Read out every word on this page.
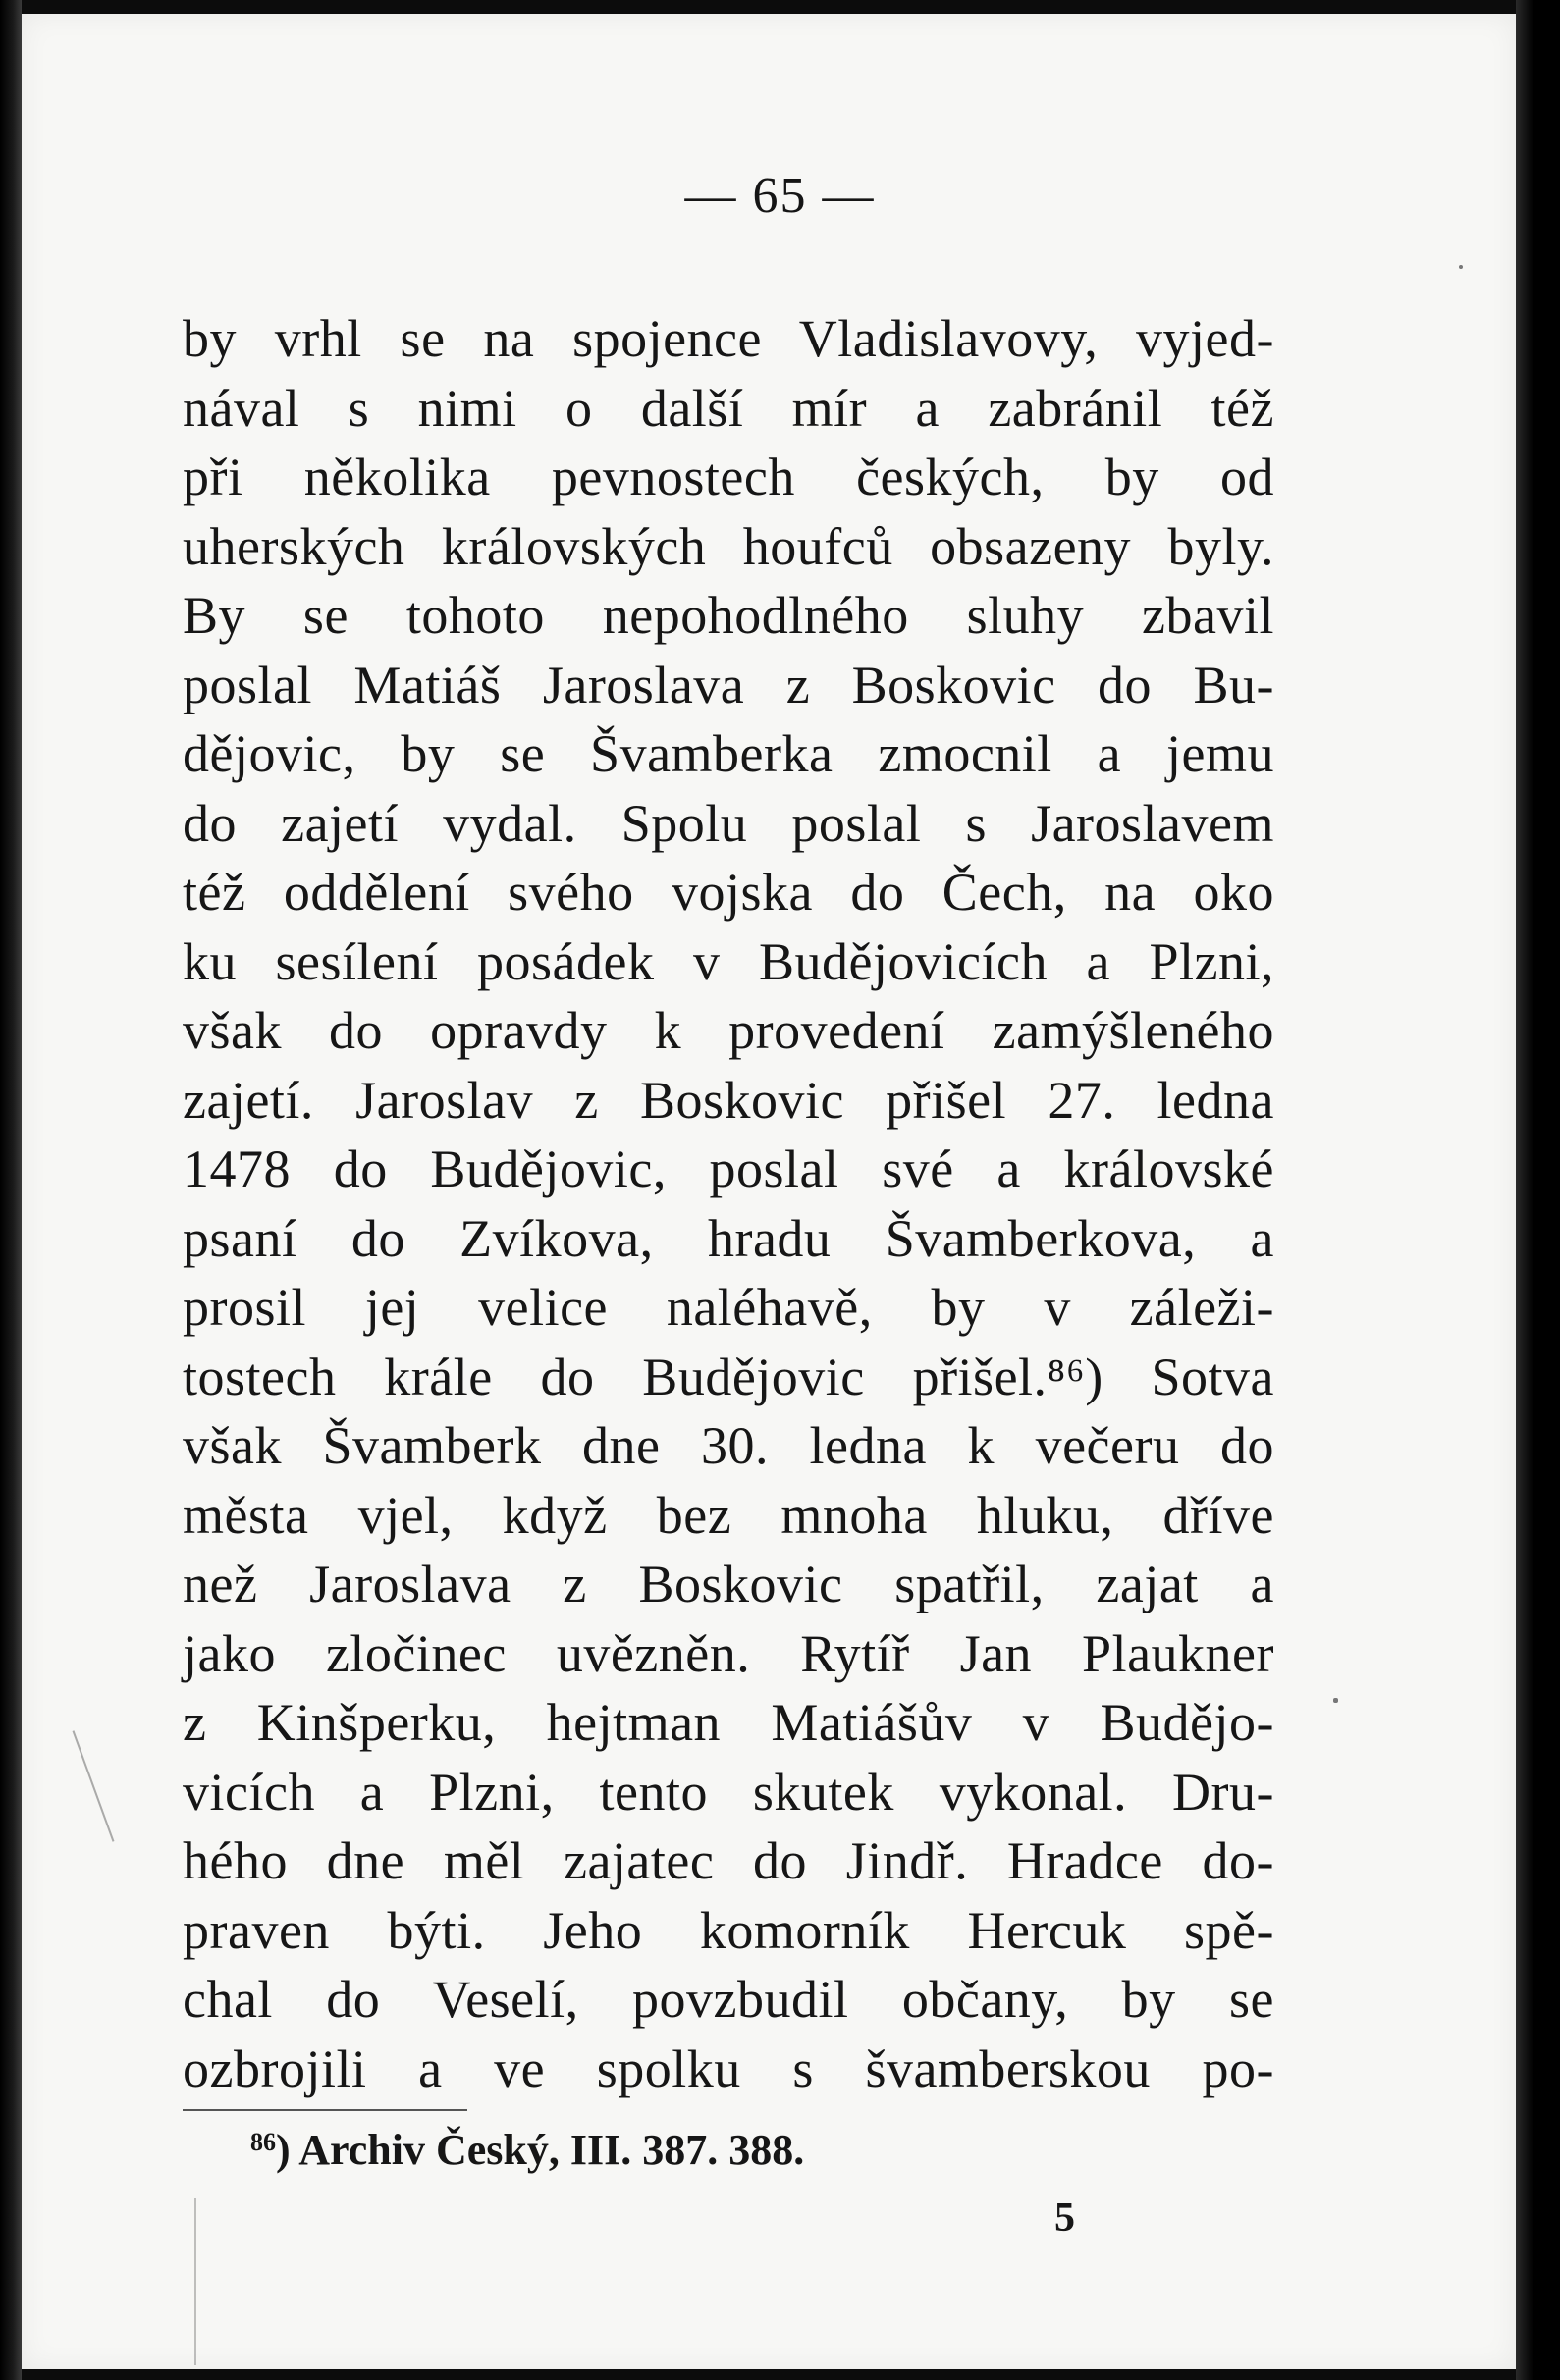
— 65 —
by vrhl se na spojence Vladislavovy, vyjed-
nával s nimi o další mír a zabránil též
při několika pevnostech českých, by od
uherských královských houfců obsazeny byly.
By se tohoto nepohodlného sluhy zbavil
poslal Matiáš Jaroslava z Boskovic do Bu-
dějovic, by se Švamberka zmocnil a jemu
do zajetí vydal. Spolu poslal s Jaroslavem
též oddělení svého vojska do Čech, na oko
ku sesílení posádek v Budějovicích a Plzni,
však do opravdy k provedení zamýšleného
zajetí. Jaroslav z Boskovic přišel 27. ledna
1478 do Budějovic, poslal své a královské
psaní do Zvíkova, hradu Švamberkova, a
prosil jej velice naléhavě, by v záleži-
tostech krále do Budějovic přišel.⁸⁶) Sotva
však Švamberk dne 30. ledna k večeru do
města vjel, když bez mnoha hluku, dříve
než Jaroslava z Boskovic spatřil, zajat a
jako zločinec uvězněn. Rytíř Jan Plaukner
z Kinšperku, hejtman Matiášův v Budějo-
vicích a Plzni, tento skutek vykonal. Dru-
hého dne měl zajatec do Jindř. Hradce do-
praven býti. Jeho komorník Hercuk spě-
chal do Veselí, povzbudil občany, by se
ozbrojili a ve spolku s švamberskou po-
$^{86}$) Archiv Český, III. 387. 388.
5
